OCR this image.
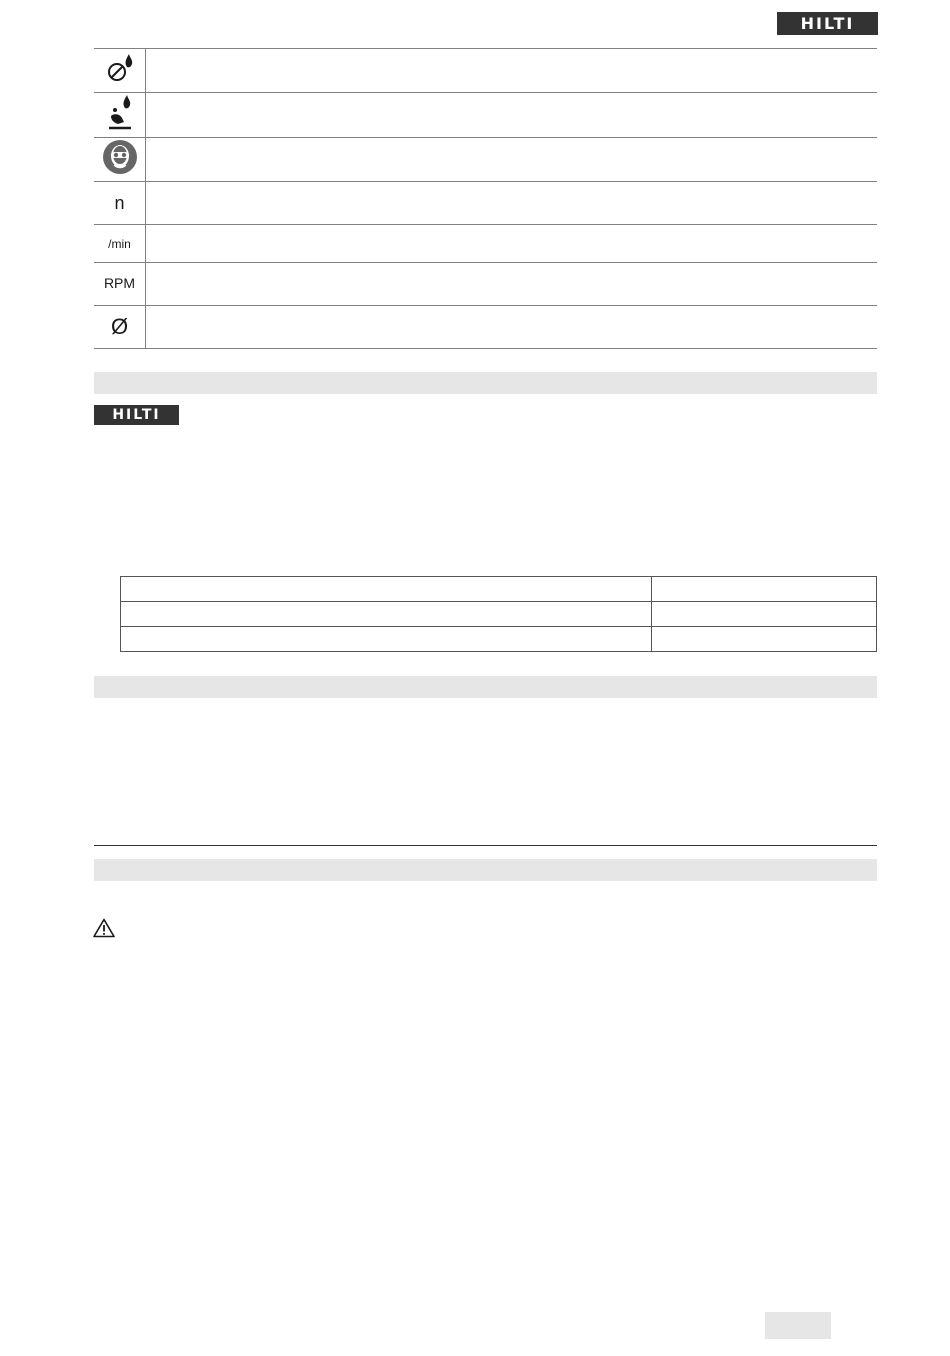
HILTI

n	
/min	
RPM	
Ø	
HILTI
